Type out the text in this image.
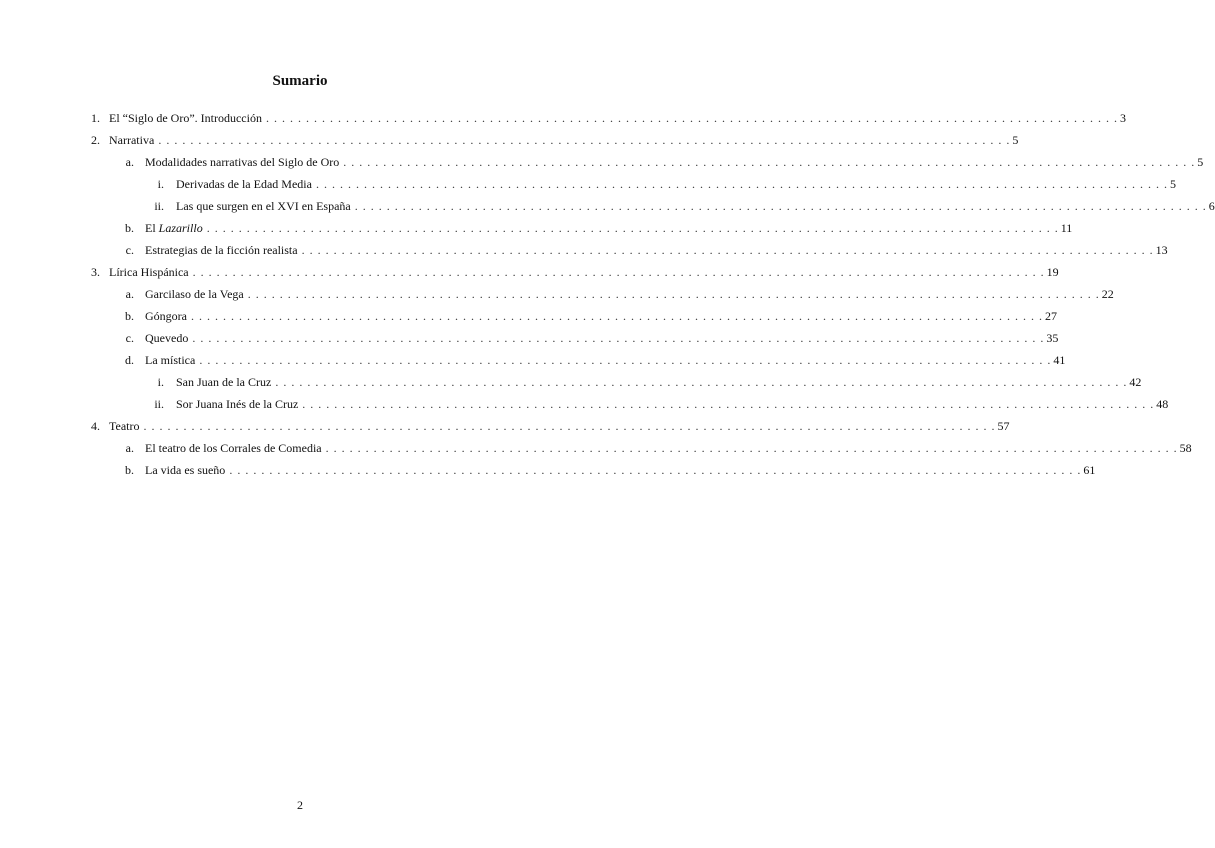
Sumario
1. El “Siglo de Oro”. Introducción . . . . . . . . . . . . . . . . . . . . . . . . . . . . . . . . . . . . . . . . . . . . . . . . . . . . . . . . . . . . . . . . . . . . . . . . . . . . . . . . . . . . . . . . . . . . . . . . . . . . . . . . . . . 3
2. Narrativa . . . . . . . . . . . . . . . . . . . . . . . . . . . . . . . . . . . . . . . . . . . . . . . . . . . . . . . . . . . . . . . . . . . . . . . . . . . . . . . . . . . . . . . . . . . . . . . . . . . . . . . . . . . 5
a. Modalidades narrativas del Siglo de Oro . . . . . . . . . . . . . . . . . . . . . . . . . . . . . . . . . . . . . . . . . . . . . . . . . . . . . . . . . . . . . . . . . . . . . . . . . . . . . . . . . . . . . . . . . . . . . . . . . . . . . . . . . . . 5
i. Derivadas de la Edad Media . . . . . . . . . . . . . . . . . . . . . . . . . . . . . . . . . . . . . . . . . . . . . . . . . . . . . . . . . . . . . . . . . . . . . . . . . . . . . . . . . . . . . . . . . . . . . . . . . . . . . . . . . . . 5
ii. Las que surgen en el XVI en España . . . . . . . . . . . . . . . . . . . . . . . . . . . . . . . . . . . . . . . . . . . . . . . . . . . . . . . . . . . . . . . . . . . . . . . . . . . . . . . . . . . . . . . . . . . . . . . . . . . . . . . . . . . 6
b. El Lazarillo . . . . . . . . . . . . . . . . . . . . . . . . . . . . . . . . . . . . . . . . . . . . . . . . . . . . . . . . . . . . . . . . . . . . . . . . . . . . . . . . . . . . . . . . . . . . . . . . . . . . . . . . . . . 11
c. Estrategias de la ficción realista . . . . . . . . . . . . . . . . . . . . . . . . . . . . . . . . . . . . . . . . . . . . . . . . . . . . . . . . . . . . . . . . . . . . . . . . . . . . . . . . . . . . . . . . . . . . . . . . . . . . . . . . . . . 13
3. Lírica Hispánica . . . . . . . . . . . . . . . . . . . . . . . . . . . . . . . . . . . . . . . . . . . . . . . . . . . . . . . . . . . . . . . . . . . . . . . . . . . . . . . . . . . . . . . . . . . . . . . . . . . . . . . . . . . 19
a. Garcilaso de la Vega . . . . . . . . . . . . . . . . . . . . . . . . . . . . . . . . . . . . . . . . . . . . . . . . . . . . . . . . . . . . . . . . . . . . . . . . . . . . . . . . . . . . . . . . . . . . . . . . . . . . . . . . . . . 22
b. Góngora . . . . . . . . . . . . . . . . . . . . . . . . . . . . . . . . . . . . . . . . . . . . . . . . . . . . . . . . . . . . . . . . . . . . . . . . . . . . . . . . . . . . . . . . . . . . . . . . . . . . . . . . . . . 27
c. Quevedo . . . . . . . . . . . . . . . . . . . . . . . . . . . . . . . . . . . . . . . . . . . . . . . . . . . . . . . . . . . . . . . . . . . . . . . . . . . . . . . . . . . . . . . . . . . . . . . . . . . . . . . . . . . 35
d. La mística . . . . . . . . . . . . . . . . . . . . . . . . . . . . . . . . . . . . . . . . . . . . . . . . . . . . . . . . . . . . . . . . . . . . . . . . . . . . . . . . . . . . . . . . . . . . . . . . . . . . . . . . . . . 41
i. San Juan de la Cruz . . . . . . . . . . . . . . . . . . . . . . . . . . . . . . . . . . . . . . . . . . . . . . . . . . . . . . . . . . . . . . . . . . . . . . . . . . . . . . . . . . . . . . . . . . . . . . . . . . . . . . . . . . . 42
ii. Sor Juana Inés de la Cruz . . . . . . . . . . . . . . . . . . . . . . . . . . . . . . . . . . . . . . . . . . . . . . . . . . . . . . . . . . . . . . . . . . . . . . . . . . . . . . . . . . . . . . . . . . . . . . . . . . . . . . . . . . . 48
4. Teatro . . . . . . . . . . . . . . . . . . . . . . . . . . . . . . . . . . . . . . . . . . . . . . . . . . . . . . . . . . . . . . . . . . . . . . . . . . . . . . . . . . . . . . . . . . . . . . . . . . . . . . . . . . . 57
a. El teatro de los Corrales de Comedia . . . . . . . . . . . . . . . . . . . . . . . . . . . . . . . . . . . . . . . . . . . . . . . . . . . . . . . . . . . . . . . . . . . . . . . . . . . . . . . . . . . . . . . . . . . . . . . . . . . . . . . . . . . 58
b. La vida es sueño . . . . . . . . . . . . . . . . . . . . . . . . . . . . . . . . . . . . . . . . . . . . . . . . . . . . . . . . . . . . . . . . . . . . . . . . . . . . . . . . . . . . . . . . . . . . . . . . . . . . . . . . . . . 61
2
